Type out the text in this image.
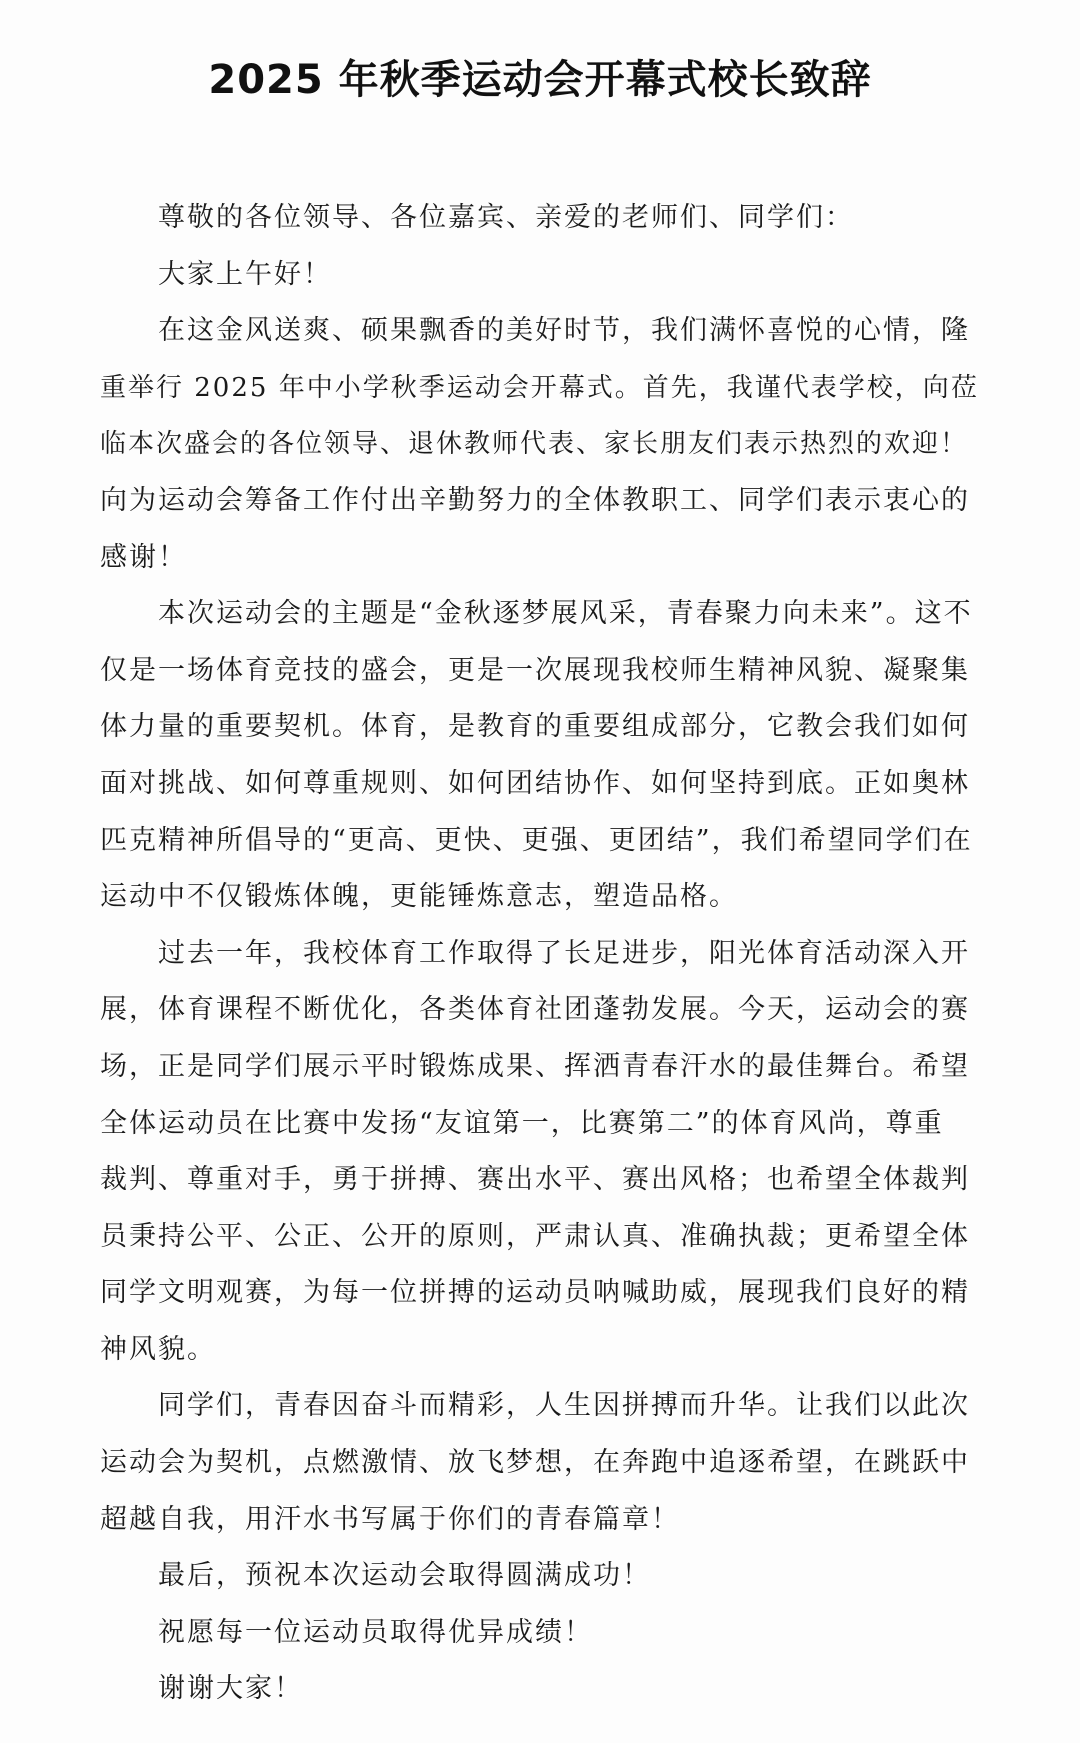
2025 年秋季运动会开幕式校长致辞
尊敬的各位领导、各位嘉宾、亲爱的老师们、同学们：
大家上午好！
在这金风送爽、硕果飘香的美好时节，我们满怀喜悦的心情，隆
重举行 2025 年中小学秋季运动会开幕式。首先，我谨代表学校，向莅
临本次盛会的各位领导、退休教师代表、家长朋友们表示热烈的欢迎！
向为运动会筹备工作付出辛勤努力的全体教职工、同学们表示衷心的
感谢！
本次运动会的主题是“金秋逐梦展风采，青春聚力向未来”。这不
仅是一场体育竞技的盛会，更是一次展现我校师生精神风貌、凝聚集
体力量的重要契机。体育，是教育的重要组成部分，它教会我们如何
面对挑战、如何尊重规则、如何团结协作、如何坚持到底。正如奥林
匹克精神所倡导的“更高、更快、更强、更团结”，我们希望同学们在
运动中不仅锻炼体魄，更能锤炼意志，塑造品格。
过去一年，我校体育工作取得了长足进步，阳光体育活动深入开
展，体育课程不断优化，各类体育社团蓬勃发展。今天，运动会的赛
场，正是同学们展示平时锻炼成果、挥洒青春汗水的最佳舞台。希望
全体运动员在比赛中发扬“友谊第一，比赛第二”的体育风尚，尊重
裁判、尊重对手，勇于拼搏、赛出水平、赛出风格；也希望全体裁判
员秉持公平、公正、公开的原则，严肃认真、准确执裁；更希望全体
同学文明观赛，为每一位拼搏的运动员呐喊助威，展现我们良好的精
神风貌。
同学们，青春因奋斗而精彩，人生因拼搏而升华。让我们以此次
运动会为契机，点燃激情、放飞梦想，在奔跑中追逐希望，在跳跃中
超越自我，用汗水书写属于你们的青春篇章！
最后，预祝本次运动会取得圆满成功！
祝愿每一位运动员取得优异成绩！
谢谢大家！
